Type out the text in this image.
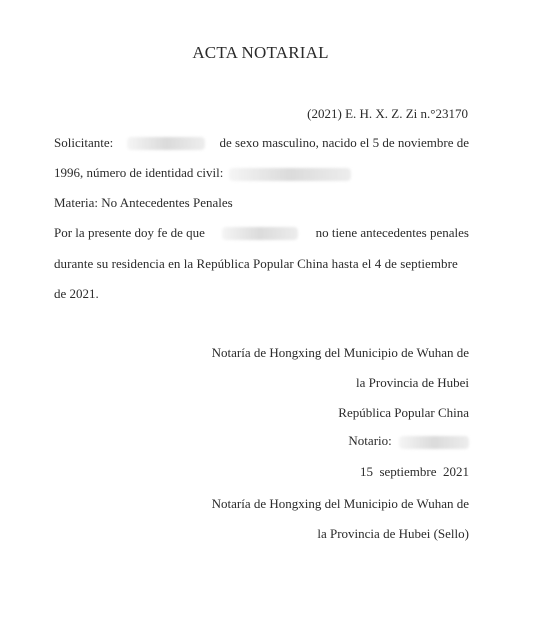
ACTA NOTARIAL
(2021) E. H. X. Z. Zi n.°23170
Solicitante:	de sexo masculino, nacido el 5 de noviembre de
1996, número de identidad civil:
Materia: No Antecedentes Penales
Por la presente doy fe de que	no tiene antecedentes penales
durante su residencia en la República Popular China hasta el 4 de septiembre
de 2021.
Notaría de Hongxing del Municipio de Wuhan de
la Provincia de Hubei
República Popular China
Notario:
15  septiembre  2021
Notaría de Hongxing del Municipio de Wuhan de
la Provincia de Hubei (Sello)
